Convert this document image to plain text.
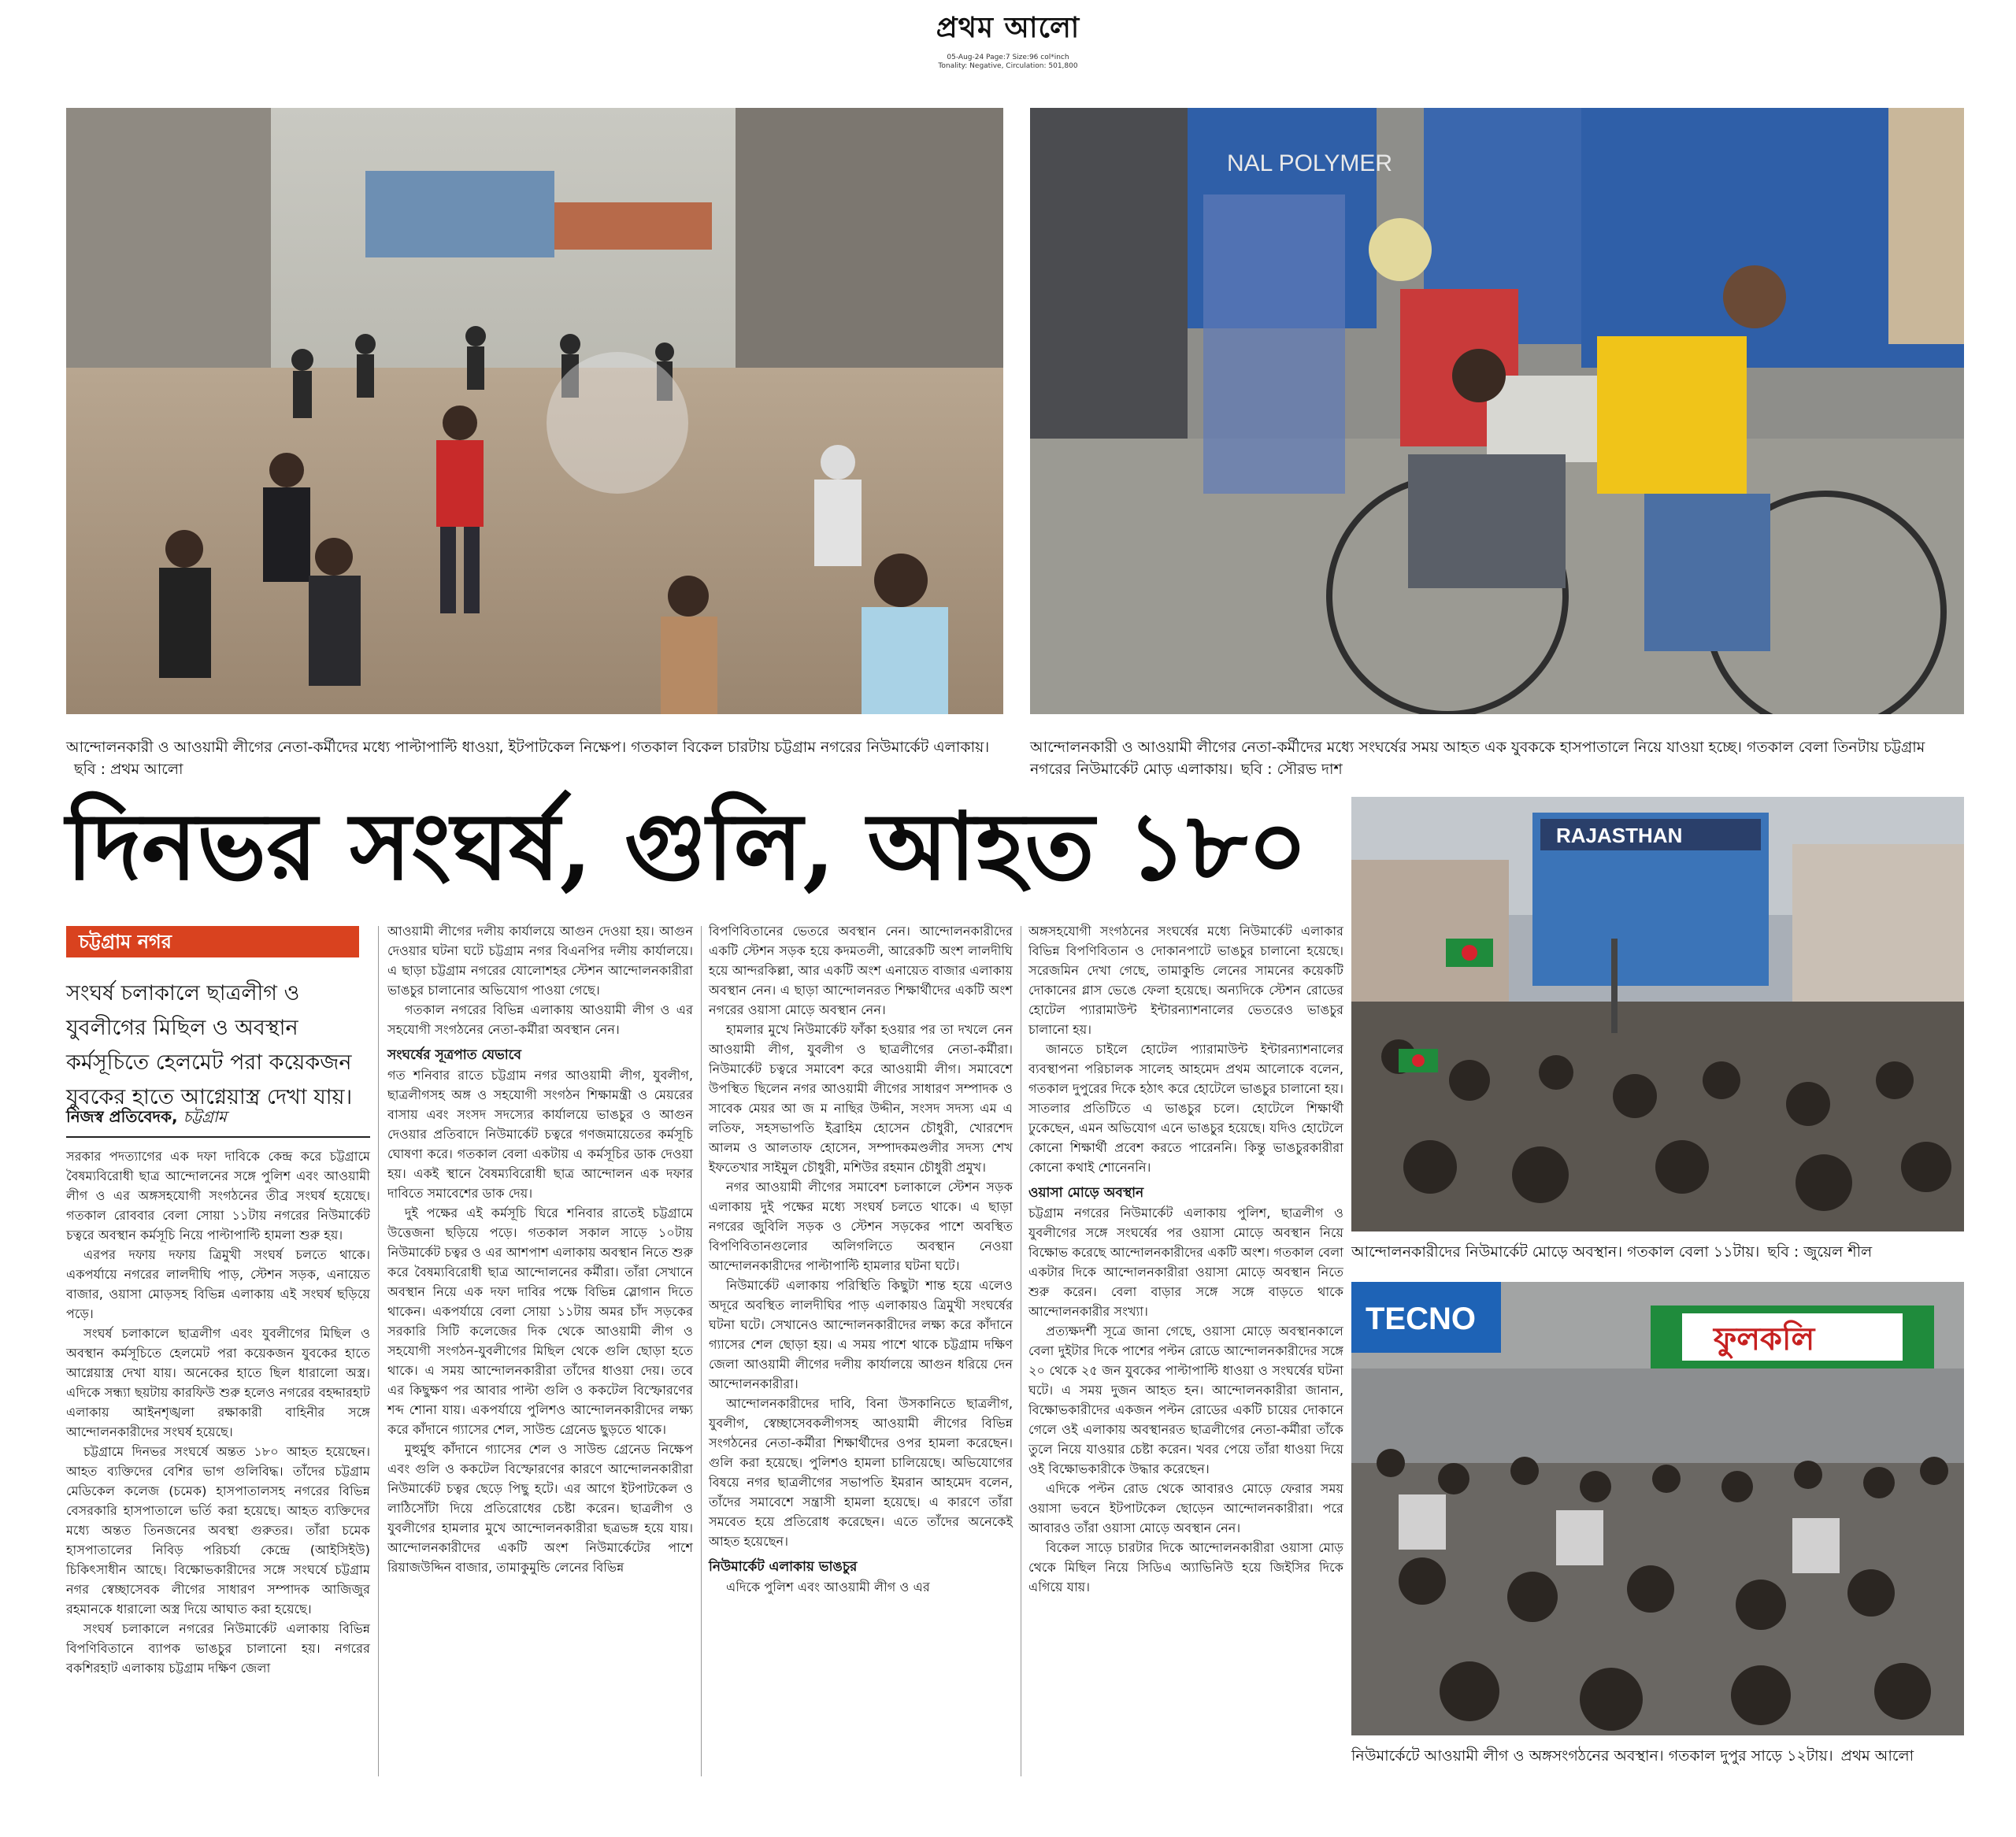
প্রথম আলো
05-Aug-24 Page:7 Size:96 col*inch
Tonality: Negative, Circulation: 501,800
আন্দোলনকারী ও আওয়ামী লীগের নেতা-কর্মীদের মধ্যে পাল্টাপাল্টি ধাওয়া, ইটপাটকেল নিক্ষেপ। গতকাল বিকেল চারটায় চট্টগ্রাম নগরের নিউমার্কেট এলাকায়।ছবি : প্রথম আলো
NAL POLYMER
আন্দোলনকারী ও আওয়ামী লীগের নেতা-কর্মীদের মধ্যে সংঘর্ষের সময় আহত এক যুবককে হাসপাতালে নিয়ে যাওয়া হচ্ছে। গতকাল বেলা তিনটায় চট্টগ্রাম নগরের নিউমার্কেট মোড় এলাকায়। ছবি : সৌরভ দাশ
দিনভর সংঘর্ষ, গুলি, আহত ১৮০
চট্টগ্রাম নগর
সংঘর্ষ চলাকালে ছাত্রলীগ ও যুবলীগের মিছিল ও অবস্থান কর্মসূচিতে হেলমেট পরা কয়েকজন যুবকের হাতে আগ্নেয়াস্ত্র দেখা যায়।
নিজস্ব প্রতিবেদক, চট্টগ্রাম

সরকার পদত্যাগের এক দফা দাবিকে কেন্দ্র করে চট্টগ্রামে বৈষম্যবিরোধী ছাত্র আন্দোলনের সঙ্গে পুলিশ এবং আওয়ামী লীগ ও এর অঙ্গসহযোগী সংগঠনের তীব্র সংঘর্ষ হয়েছে। গতকাল রোববার বেলা সোয়া ১১টায় নগরের নিউমার্কেট চত্বরে অবস্থান কর্মসূচি নিয়ে পাল্টাপাল্টি হামলা শুরু হয়।

এরপর দফায় দফায় ত্রিমুখী সংঘর্ষ চলতে থাকে। একপর্যায়ে নগরের লালদীঘি পাড়, স্টেশন সড়ক, এনায়েত বাজার, ওয়াসা মোড়সহ বিভিন্ন এলাকায় এই সংঘর্ষ ছড়িয়ে পড়ে।

সংঘর্ষ চলাকালে ছাত্রলীগ এবং যুবলীগের মিছিল ও অবস্থান কর্মসূচিতে হেলমেট পরা কয়েকজন যুবকের হাতে আগ্নেয়াস্ত্র দেখা যায়। অনেকের হাতে ছিল ধারালো অস্ত্র। এদিকে সন্ধ্যা ছয়টায় কারফিউ শুরু হলেও নগরের বহদ্দারহাট এলাকায় আইনশৃঙ্খলা রক্ষাকারী বাহিনীর সঙ্গে আন্দোলনকারীদের সংঘর্ষ হয়েছে।

চট্টগ্রামে দিনভর সংঘর্ষে অন্তত ১৮০ আহত হয়েছেন। আহত ব্যক্তিদের বেশির ভাগ গুলিবিদ্ধ। তাঁদের চট্টগ্রাম মেডিকেল কলেজ (চমেক) হাসপাতালসহ নগরের বিভিন্ন বেসরকারি হাসপাতালে ভর্তি করা হয়েছে। আহত ব্যক্তিদের মধ্যে অন্তত তিনজনের অবস্থা গুরুতর। তাঁরা চমেক হাসপাতালের নিবিড় পরিচর্যা কেন্দ্রে (আইসিইউ) চিকিৎসাধীন আছে। বিক্ষোভকারীদের সঙ্গে সংঘর্ষে চট্টগ্রাম নগর স্বেচ্ছাসেবক লীগের সাধারণ সম্পাদক আজিজুর রহমানকে ধারালো অস্ত্র দিয়ে আঘাত করা হয়েছে।

সংঘর্ষ চলাকালে নগরের নিউমার্কেট এলাকায় বিভিন্ন বিপণিবিতানে ব্যাপক ভাঙচুর চালানো হয়। নগরের বকশিরহাট এলাকায় চট্টগ্রাম দক্ষিণ জেলা

আওয়ামী লীগের দলীয় কার্যালয়ে আগুন দেওয়া হয়। আগুন দেওয়ার ঘটনা ঘটে চট্টগ্রাম নগর বিএনপির দলীয় কার্যালয়ে। এ ছাড়া চট্টগ্রাম নগরের যোলোশহর স্টেশন আন্দোলনকারীরা ভাঙচুর চালানোর অভিযোগ পাওয়া গেছে।

গতকাল নগরের বিভিন্ন এলাকায় আওয়ামী লীগ ও এর সহযোগী সংগঠনের নেতা-কর্মীরা অবস্থান নেন।

সংঘর্ষের সূত্রপাত যেভাবে

গত শনিবার রাতে চট্টগ্রাম নগর আওয়ামী লীগ, যুবলীগ, ছাত্রলীগসহ অঙ্গ ও সহযোগী সংগঠন শিক্ষামন্ত্রী ও মেয়রের বাসায় এবং সংসদ সদস্যের কার্যালয়ে ভাঙচুর ও আগুন দেওয়ার প্রতিবাদে নিউমার্কেট চত্বরে গণজমায়েতের কর্মসূচি ঘোষণা করে। গতকাল বেলা একটায় এ কর্মসূচির ডাক দেওয়া হয়। একই স্থানে বৈষম্যবিরোধী ছাত্র আন্দোলন এক দফার দাবিতে সমাবেশের ডাক দেয়।

দুই পক্ষের এই কর্মসূচি ঘিরে শনিবার রাতেই চট্টগ্রামে উত্তেজনা ছড়িয়ে পড়ে। গতকাল সকাল সাড়ে ১০টায় নিউমার্কেট চত্বর ও এর আশপাশ এলাকায় অবস্থান নিতে শুরু করে বৈষম্যবিরোধী ছাত্র আন্দোলনের কর্মীরা। তাঁরা সেখানে অবস্থান নিয়ে এক দফা দাবির পক্ষে বিভিন্ন স্লোগান দিতে থাকেন। একপর্যায়ে বেলা সোয়া ১১টায় অমর চাঁদ সড়কের সরকারি সিটি কলেজের দিক থেকে আওয়ামী লীগ ও সহযোগী সংগঠন-যুবলীগের মিছিল থেকে গুলি ছোড়া হতে থাকে। এ সময় আন্দোলনকারীরা তাঁদের ধাওয়া দেয়। তবে এর কিছুক্ষণ পর আবার পাল্টা গুলি ও ককটেল বিস্ফোরণের শব্দ শোনা যায়। একপর্যায়ে পুলিশও আন্দোলনকারীদের লক্ষ্য করে কাঁদানে গ্যাসের শেল, সাউন্ড গ্রেনেড ছুড়তে থাকে।

মুহুর্মুহু কাঁদানে গ্যাসের শেল ও সাউন্ড গ্রেনেড নিক্ষেপ এবং গুলি ও ককটেল বিস্ফোরণের কারণে আন্দোলনকারীরা নিউমার্কেট চত্বর ছেড়ে পিছু হটে। এর আগে ইটপাটকেল ও লাঠিসোঁটা দিয়ে প্রতিরোধের চেষ্টা করেন। ছাত্রলীগ ও যুবলীগের হামলার মুখে আন্দোলনকারীরা ছত্রভঙ্গ হয়ে যায়। আন্দোলনকারীদের একটি অংশ নিউমার্কেটের পাশে রিয়াজউদ্দিন বাজার, তামাকুমুন্ডি লেনের বিভিন্ন

বিপণিবিতানের ভেতরে অবস্থান নেন। আন্দোলনকারীদের একটি স্টেশন সড়ক হয়ে কদমতলী, আরেকটি অংশ লালদীঘি হয়ে আন্দরকিল্লা, আর একটি অংশ এনায়েত বাজার এলাকায় অবস্থান নেন। এ ছাড়া আন্দোলনরত শিক্ষার্থীদের একটি অংশ নগরের ওয়াসা মোড়ে অবস্থান নেন।

হামলার মুখে নিউমার্কেট ফাঁকা হওয়ার পর তা দখলে নেন আওয়ামী লীগ, যুবলীগ ও ছাত্রলীগের নেতা-কর্মীরা। নিউমার্কেট চত্বরে সমাবেশ করে আওয়ামী লীগ। সমাবেশে উপস্থিত ছিলেন নগর আওয়ামী লীগের সাধারণ সম্পাদক ও সাবেক মেয়র আ জ ম নাছির উদ্দীন, সংসদ সদস্য এম এ লতিফ, সহসভাপতি ইব্রাহিম হোসেন চৌধুরী, খোরশেদ আলম ও আলতাফ হোসেন, সম্পাদকমণ্ডলীর সদস্য শেখ ইফতেখার সাইমুল চৌধুরী, মশিউর রহমান চৌধুরী প্রমুখ।

নগর আওয়ামী লীগের সমাবেশ চলাকালে স্টেশন সড়ক এলাকায় দুই পক্ষের মধ্যে সংঘর্ষ চলতে থাকে। এ ছাড়া নগরের জুবিলি সড়ক ও স্টেশন সড়কের পাশে অবস্থিত বিপণিবিতানগুলোর অলিগলিতে অবস্থান নেওয়া আন্দোলনকারীদের পাল্টাপাল্টি হামলার ঘটনা ঘটে।

নিউমার্কেট এলাকায় পরিস্থিতি কিছুটা শান্ত হয়ে এলেও অদূরে অবস্থিত লালদীঘির পাড় এলাকায়ও ত্রিমুখী সংঘর্ষের ঘটনা ঘটে। সেখানেও আন্দোলনকারীদের লক্ষ্য করে কাঁদানে গ্যাসের শেল ছোড়া হয়। এ সময় পাশে থাকে চট্টগ্রাম দক্ষিণ জেলা আওয়ামী লীগের দলীয় কার্যালয়ে আগুন ধরিয়ে দেন আন্দোলনকারীরা।

আন্দোলনকারীদের দাবি, বিনা উসকানিতে ছাত্রলীগ, যুবলীগ, স্বেচ্ছাসেবকলীগসহ আওয়ামী লীগের বিভিন্ন সংগঠনের নেতা-কর্মীরা শিক্ষার্থীদের ওপর হামলা করেছেন। গুলি করা হয়েছে। পুলিশও হামলা চালিয়েছে। অভিযোগের বিষয়ে নগর ছাত্রলীগের সভাপতি ইমরান আহমেদ বলেন, তাঁদের সমাবেশে সন্ত্রাসী হামলা হয়েছে। এ কারণে তাঁরা সমবেত হয়ে প্রতিরোধ করেছেন। এতে তাঁদের অনেকেই আহত হয়েছেন।

নিউমার্কেট এলাকায় ভাঙচুর

এদিকে পুলিশ এবং আওয়ামী লীগ ও এর

অঙ্গসহযোগী সংগঠনের সংঘর্ষের মধ্যে নিউমার্কেট এলাকার বিভিন্ন বিপণিবিতান ও দোকানপাটে ভাঙচুর চালানো হয়েছে। সরেজমিন দেখা গেছে, তামাকুন্ডি লেনের সামনের কয়েকটি দোকানের গ্লাস ভেঙে ফেলা হয়েছে। অন্যদিকে স্টেশন রোডের হোটেল প্যারামাউন্ট ইন্টারন্যাশনালের ভেতরেও ভাঙচুর চালানো হয়।

জানতে চাইলে হোটেল প্যারামাউন্ট ইন্টারন্যাশনালের ব্যবস্থাপনা পরিচালক সালেহ আহমেদ প্রথম আলোকে বলেন, গতকাল দুপুরের দিকে হঠাৎ করে হোটেলে ভাঙচুর চালানো হয়। সাতলার প্রতিটিতে এ ভাঙচুর চলে। হোটেলে শিক্ষার্থী ঢুকেছেন, এমন অভিযোগ এনে ভাঙচুর হয়েছে। যদিও হোটেলে কোনো শিক্ষার্থী প্রবেশ করতে পারেননি। কিন্তু ভাঙচুরকারীরা কোনো কথাই শোনেননি।

ওয়াসা মোড়ে অবস্থান

চট্টগ্রাম নগরের নিউমার্কেট এলাকায় পুলিশ, ছাত্রলীগ ও যুবলীগের সঙ্গে সংঘর্ষের পর ওয়াসা মোড়ে অবস্থান নিয়ে বিক্ষোভ করেছে আন্দোলনকারীদের একটি অংশ। গতকাল বেলা একটার দিকে আন্দোলনকারীরা ওয়াসা মোড়ে অবস্থান নিতে শুরু করেন। বেলা বাড়ার সঙ্গে সঙ্গে বাড়তে থাকে আন্দোলনকারীর সংখ্যা।

প্রত্যক্ষদর্শী সূত্রে জানা গেছে, ওয়াসা মোড়ে অবস্থানকালে বেলা দুইটার দিকে পাশের পল্টন রোডে আন্দোলনকারীদের সঙ্গে ২০ থেকে ২৫ জন যুবকের পাল্টাপাল্টি ধাওয়া ও সংঘর্ষের ঘটনা ঘটে। এ সময় দুজন আহত হন। আন্দোলনকারীরা জানান, বিক্ষোভকারীদের একজন পল্টন রোডের একটি চায়ের দোকানে গেলে ওই এলাকায় অবস্থানরত ছাত্রলীগের নেতা-কর্মীরা তাঁকে তুলে নিয়ে যাওয়ার চেষ্টা করেন। খবর পেয়ে তাঁরা ধাওয়া দিয়ে ওই বিক্ষোভকারীকে উদ্ধার করেছেন।

এদিকে পল্টন রোড থেকে আবারও মোড়ে ফেরার সময় ওয়াসা ভবনে ইটপাটকেল ছোড়েন আন্দোলনকারীরা। পরে আবারও তাঁরা ওয়াসা মোড়ে অবস্থান নেন।

বিকেল সাড়ে চারটার দিকে আন্দোলনকারীরা ওয়াসা মোড় থেকে মিছিল নিয়ে সিডিএ অ্যাভিনিউ হয়ে জিইসির দিকে এগিয়ে যায়।

RAJASTHAN
আন্দোলনকারীদের নিউমার্কেট মোড়ে অবস্থান। গতকাল বেলা ১১টায়। ছবি : জুয়েল শীল
TECNO
ফুলকলি
নিউমার্কেটে আওয়ামী লীগ ও অঙ্গসংগঠনের অবস্থান। গতকাল দুপুর সাড়ে ১২টায়। প্রথম আলো
